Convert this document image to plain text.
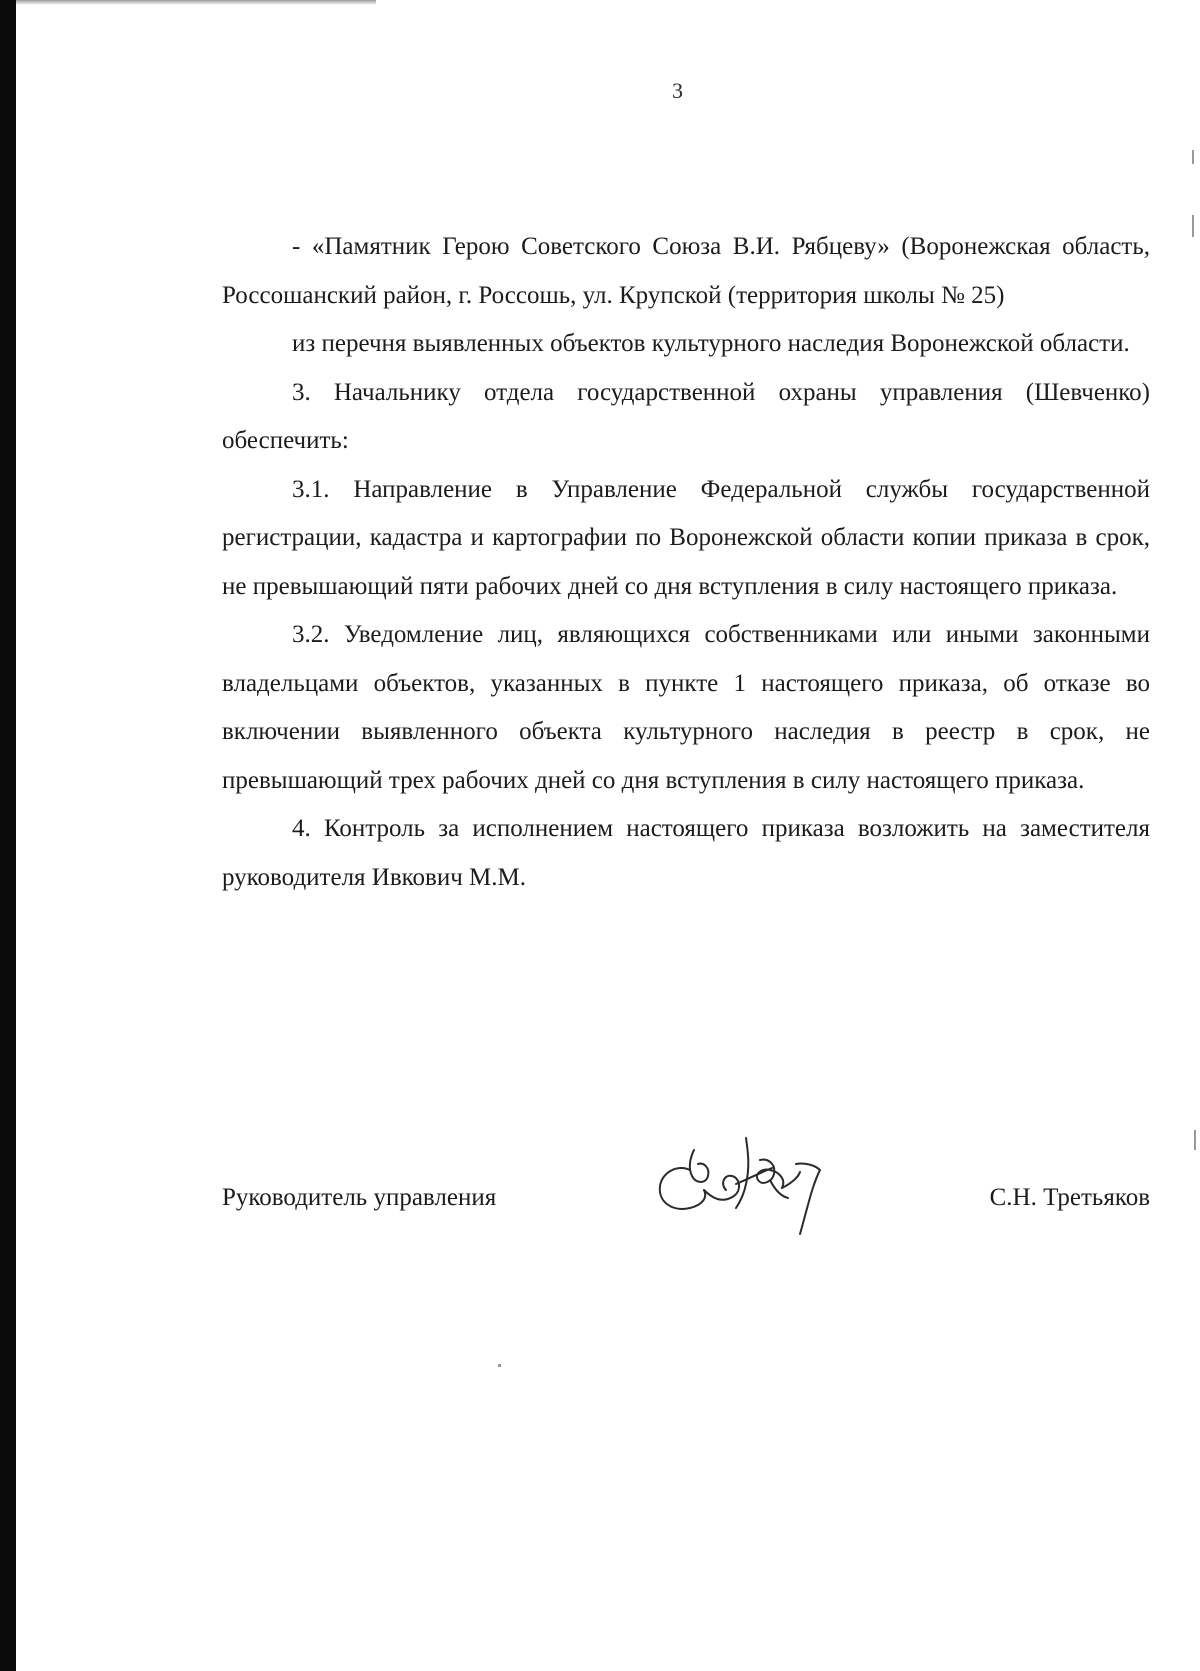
3

- «Памятник Герою Советского Союза В.И. Рябцеву» (Воронежская область, Россошанский район, г. Россошь, ул. Крупской (территория школы № 25)

из перечня выявленных объектов культурного наследия Воронежской области.

3. Начальнику отдела государственной охраны управления (Шевченко) обеспечить:

3.1. Направление в Управление Федеральной службы государственной регистрации, кадастра и картографии по Воронежской области копии приказа в срок, не превышающий пяти рабочих дней со дня вступления в силу настоящего приказа.

3.2. Уведомление лиц, являющихся собственниками или иными законными владельцами объектов, указанных в пункте 1 настоящего приказа, об отказе во включении выявленного объекта культурного наследия в реестр в срок, не превышающий трех рабочих дней со дня вступления в силу настоящего приказа.

4. Контроль за исполнением настоящего приказа возложить на заместителя руководителя Ивкович М.М.

Руководитель управления	С.Н. Третьяков
